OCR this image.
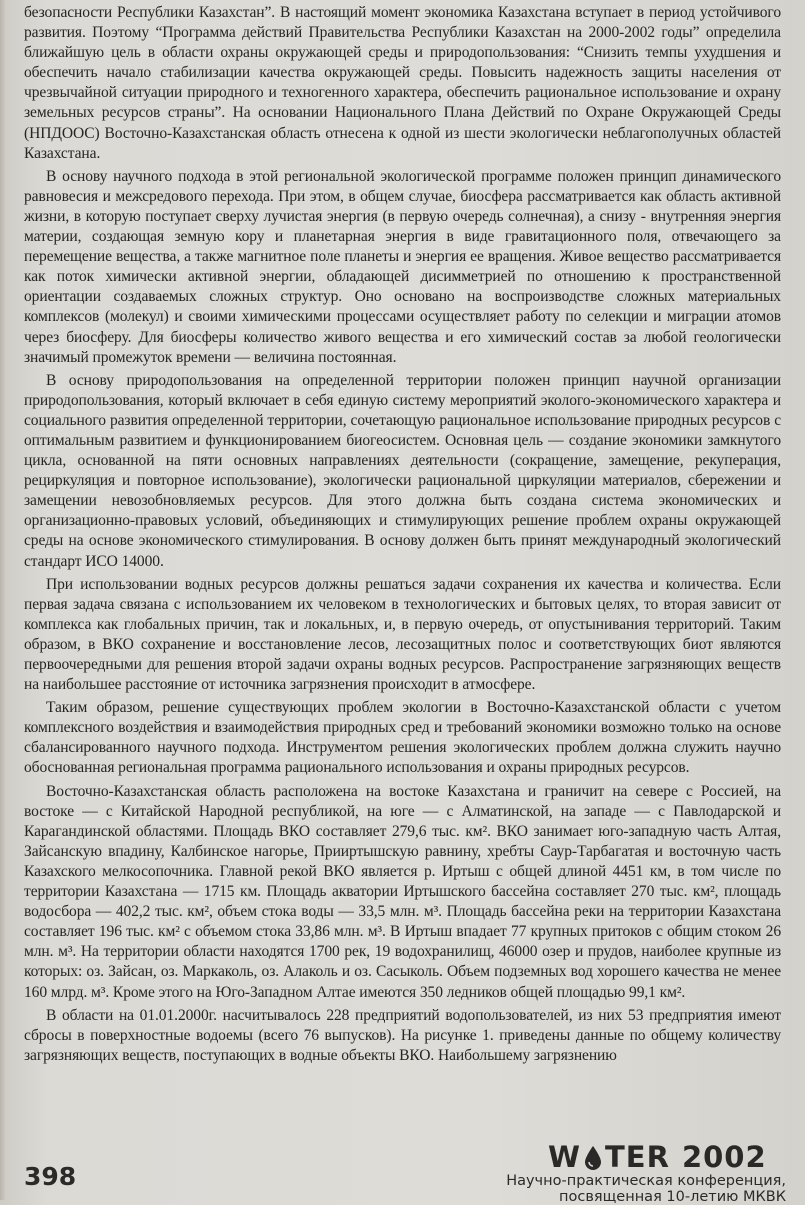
безопасности Республики Казахстан”. В настоящий момент экономика Казахстана вступает в период устойчивого развития. Поэтому “Программа действий Правительства Республики Казахстан на 2000-2002 годы” определила ближайшую цель в области охраны окружающей среды и природопользования: “Снизить темпы ухудшения и обеспечить начало стабилизации качества окружающей среды. Повысить надежность защиты населения от чрезвычайной ситуации природного и техногенного характера, обеспечить рациональное использование и охрану земельных ресурсов страны”. На основании Национального Плана Действий по Охране Окружающей Среды (НПДООС) Восточно-Казахстанская область отнесена к одной из шести экологически неблагополучных областей Казахстана.

В основу научного подхода в этой региональной экологической программе положен принцип динамического равновесия и межсредового перехода. При этом, в общем случае, биосфера рассматривается как область активной жизни, в которую поступает сверху лучистая энергия (в первую очередь солнечная), а снизу - внутренняя энергия материи, создающая земную кору и планетарная энергия в виде гравитационного поля, отвечающего за перемещение вещества, а также магнитное поле планеты и энергия ее вращения. Живое вещество рассматривается как поток химически активной энергии, обладающей дисимметрией по отношению к пространственной ориентации создаваемых сложных структур. Оно основано на воспроизводстве сложных материальных комплексов (молекул) и своими химическими процессами осуществляет работу по селекции и миграции атомов через биосферу. Для биосферы количество живого вещества и его химический состав за любой геологически значимый промежуток времени — величина постоянная.

В основу природопользования на определенной территории положен принцип научной организации природопользования, который включает в себя единую систему мероприятий эколого-экономического характера и социального развития определенной территории, сочетающую рациональное использование природных ресурсов с оптимальным развитием и функционированием биогеосистем. Основная цель — создание экономики замкнутого цикла, основанной на пяти основных направлениях деятельности (сокращение, замещение, рекуперация, рециркуляция и повторное использование), экологически рациональной циркуляции материалов, сбережении и замещении невозобновляемых ресурсов. Для этого должна быть создана система экономических и организационно-правовых условий, объединяющих и стимулирующих решение проблем охраны окружающей среды на основе экономического стимулирования. В основу должен быть принят международный экологический стандарт ИСО 14000.

При использовании водных ресурсов должны решаться задачи сохранения их качества и количества. Если первая задача связана с использованием их человеком в технологических и бытовых целях, то вторая зависит от комплекса как глобальных причин, так и локальных, и, в первую очередь, от опустынивания территорий. Таким образом, в ВКО сохранение и восстановление лесов, лесозащитных полос и соответствующих биот являются первоочередными для решения второй задачи охраны водных ресурсов. Распространение загрязняющих веществ на наибольшее расстояние от источника загрязнения происходит в атмосфере.

Таким образом, решение существующих проблем экологии в Восточно-Казахстанской области с учетом комплексного воздействия и взаимодействия природных сред и требований экономики возможно только на основе сбалансированного научного подхода. Инструментом решения экологических проблем должна служить научно обоснованная региональная программа рационального использования и охраны природных ресурсов.

Восточно-Казахстанская область расположена на востоке Казахстана и граничит на севере с Россией, на востоке — с Китайской Народной республикой, на юге — с Алматинской, на западе — с Павлодарской и Карагандинской областями. Площадь ВКО составляет 279,6 тыс. км². ВКО занимает юго-западную часть Алтая, Зайсанскую впадину, Калбинское нагорье, Прииртышскую равнину, хребты Саур-Тарбагатая и восточную часть Казахского мелкосопочника. Главной рекой ВКО является р. Иртыш с общей длиной 4451 км, в том числе по территории Казахстана — 1715 км. Площадь акватории Иртышского бассейна составляет 270 тыс. км², площадь водосбора — 402,2 тыс. км², объем стока воды — 33,5 млн. м³. Площадь бассейна реки на территории Казахстана составляет 196 тыс. км² с объемом стока 33,86 млн. м³. В Иртыш впадает 77 крупных притоков с общим стоком 26 млн. м³. На территории области находятся 1700 рек, 19 водохранилищ, 46000 озер и прудов, наиболее крупные из которых: оз. Зайсан, оз. Маркаколь, оз. Алаколь и оз. Сасыколь. Объем подземных вод хорошего качества не менее 160 млрд. м³. Кроме этого на Юго-Западном Алтае имеются 350 ледников общей площадью 99,1 км².

В области на 01.01.2000г. насчитывалось 228 предприятий водопользователей, из них 53 предприятия имеют сбросы в поверхностные водоемы (всего 76 выпусков). На рисунке 1. приведены данные по общему количеству загрязняющих веществ, поступающих в водные объекты ВКО. Наибольшему загрязнению

398
W TER 2002
Научно-практическая конференция,
посвященная 10-летию МКВК
